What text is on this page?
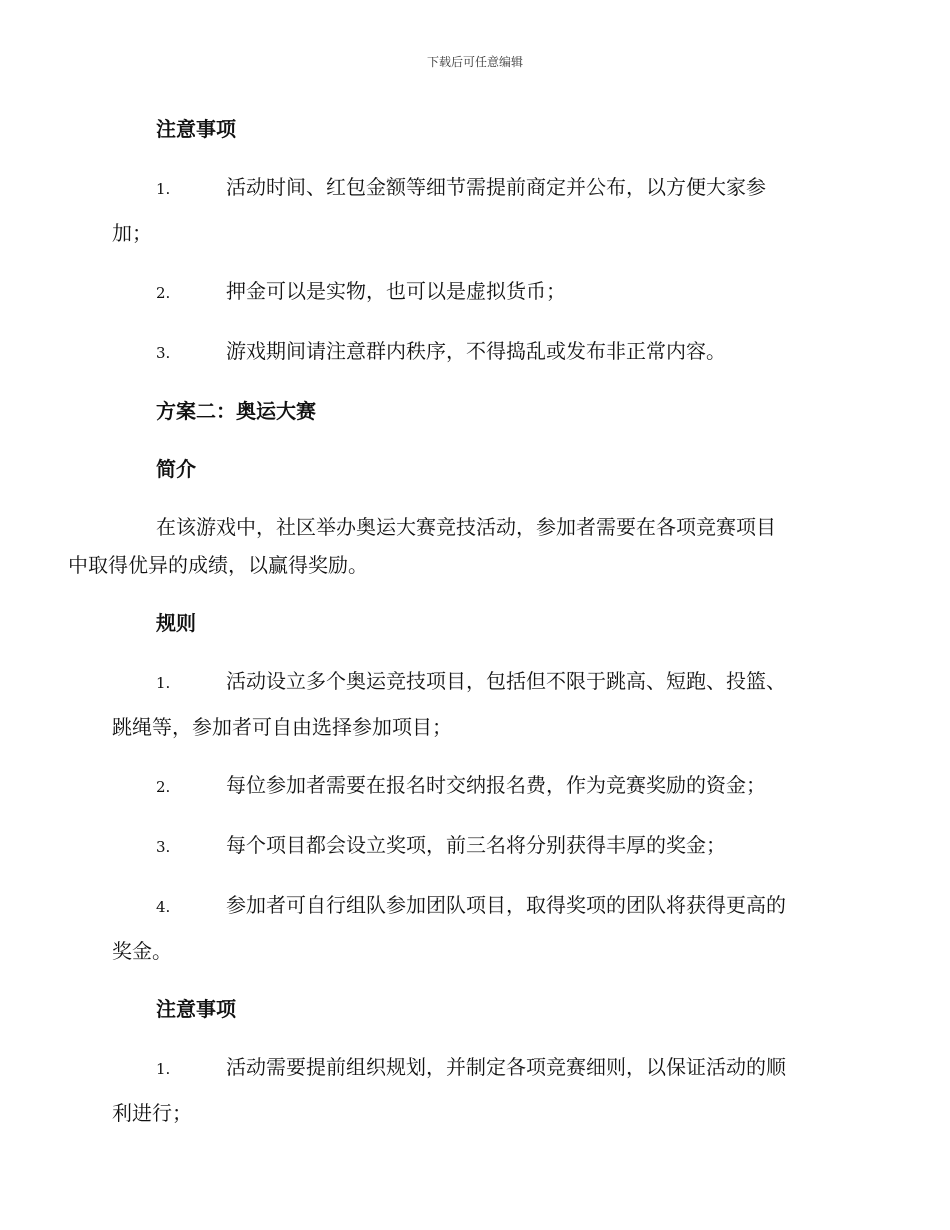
下载后可任意编辑
注意事项
1.	活动时间、红包金额等细节需提前商定并公布，以方便大家参
加；
2.	押金可以是实物，也可以是虚拟货币；
3.	游戏期间请注意群内秩序，不得捣乱或发布非正常内容。
方案二：奥运大赛
简介
在该游戏中，社区举办奥运大赛竞技活动，参加者需要在各项竞赛项目
中取得优异的成绩，以赢得奖励。
规则
1.	活动设立多个奥运竞技项目，包括但不限于跳高、短跑、投篮、
跳绳等，参加者可自由选择参加项目；
2.	每位参加者需要在报名时交纳报名费，作为竞赛奖励的资金；
3.	每个项目都会设立奖项，前三名将分别获得丰厚的奖金；
4.	参加者可自行组队参加团队项目，取得奖项的团队将获得更高的
奖金。
注意事项
1.	活动需要提前组织规划，并制定各项竞赛细则，以保证活动的顺
利进行；
